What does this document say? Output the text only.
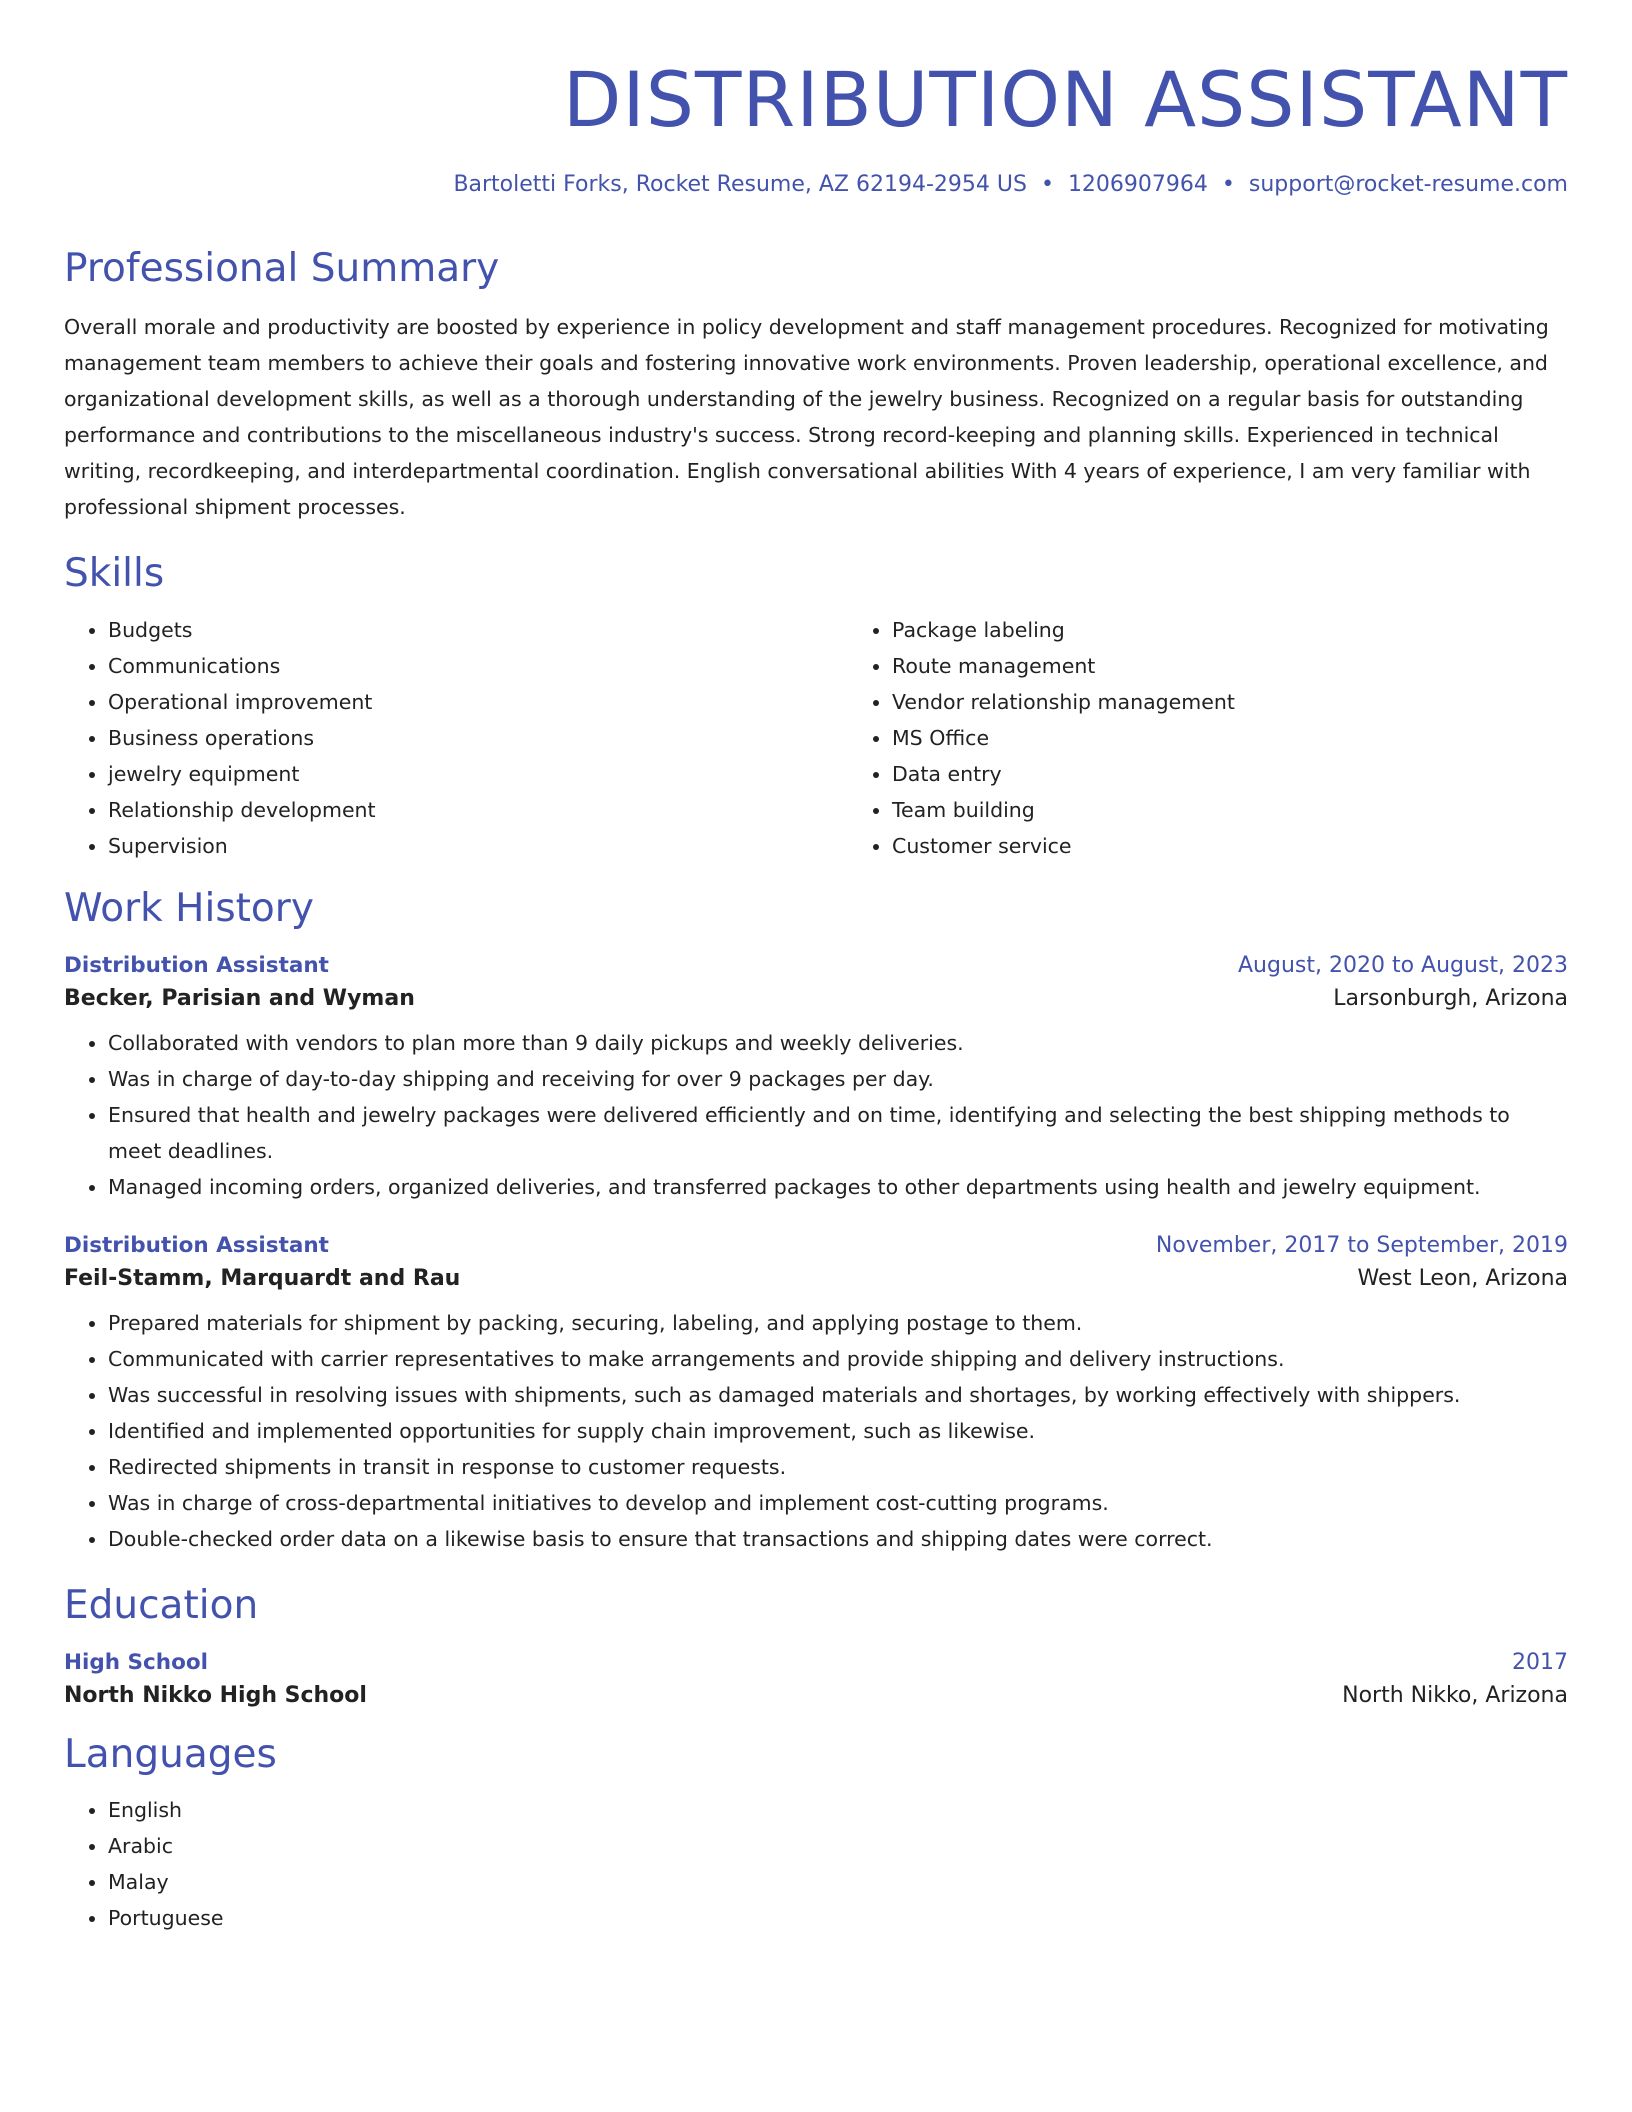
DISTRIBUTION ASSISTANT
Bartoletti Forks, Rocket Resume, AZ 62194-2954 US • 1206907964 • support@rocket-resume.com
Professional Summary

Overall morale and productivity are boosted by experience in policy development and staff management procedures. Recognized for motivating management team members to achieve their goals and fostering innovative work environments. Proven leadership, operational excellence, and organizational development skills, as well as a thorough understanding of the jewelry business. Recognized on a regular basis for outstanding performance and contributions to the miscellaneous industry's success. Strong record-keeping and planning skills. Experienced in technical writing, recordkeeping, and interdepartmental coordination. English conversational abilities With 4 years of experience, I am very familiar with professional shipment processes.

Skills
• Budgets
• Communications
• Operational improvement
• Business operations
• jewelry equipment
• Relationship development
• Supervision
• Package labeling
• Route management
• Vendor relationship management
• MS Office
• Data entry
• Team building
• Customer service
Work History
Distribution Assistant	August, 2020 to August, 2023
Becker, Parisian and Wyman	Larsonburgh, Arizona
• Collaborated with vendors to plan more than 9 daily pickups and weekly deliveries.
• Was in charge of day-to-day shipping and receiving for over 9 packages per day.
• Ensured that health and jewelry packages were delivered efficiently and on time, identifying and selecting the best shipping methods to meet deadlines.
• Managed incoming orders, organized deliveries, and transferred packages to other departments using health and jewelry equipment.
Distribution Assistant	November, 2017 to September, 2019
Feil-Stamm, Marquardt and Rau	West Leon, Arizona
• Prepared materials for shipment by packing, securing, labeling, and applying postage to them.
• Communicated with carrier representatives to make arrangements and provide shipping and delivery instructions.
• Was successful in resolving issues with shipments, such as damaged materials and shortages, by working effectively with shippers.
• Identified and implemented opportunities for supply chain improvement, such as likewise.
• Redirected shipments in transit in response to customer requests.
• Was in charge of cross-departmental initiatives to develop and implement cost-cutting programs.
• Double-checked order data on a likewise basis to ensure that transactions and shipping dates were correct.
Education
High School	2017
North Nikko High School	North Nikko, Arizona
Languages
• English
• Arabic
• Malay
• Portuguese
